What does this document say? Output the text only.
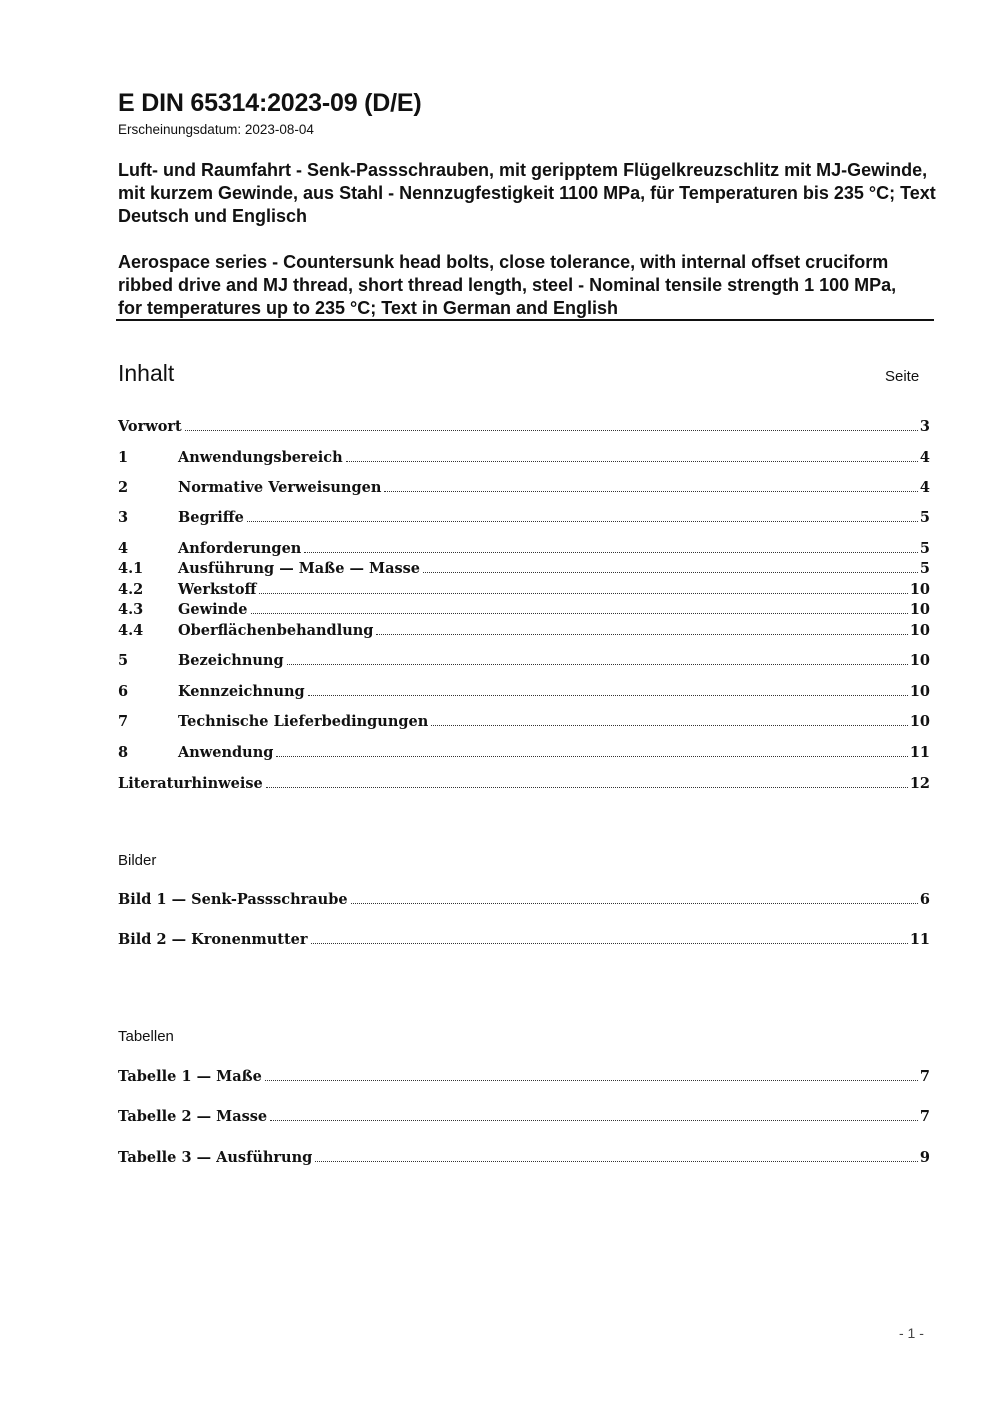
E DIN 65314:2023-09 (D/E)
Erscheinungsdatum: 2023-08-04
Luft- und Raumfahrt - Senk-Passschrauben, mit geripptem Flügelkreuzschlitz mit MJ-Gewinde, mit kurzem Gewinde, aus Stahl - Nennzugfestigkeit 1100 MPa, für Temperaturen bis 235 °C; Text Deutsch und Englisch
Aerospace series - Countersunk head bolts, close tolerance, with internal offset cruciform ribbed drive and MJ thread, short thread length, steel - Nominal tensile strength 1 100 MPa, for temperatures up to 235 °C; Text in German and English
Inhalt	Seite
Vorwort	3
1	Anwendungsbereich	4
2	Normative Verweisungen	4
3	Begriffe	5
4	Anforderungen	5
4.1	Ausführung — Maße — Masse	5
4.2	Werkstoff	10
4.3	Gewinde	10
4.4	Oberflächenbehandlung	10
5	Bezeichnung	10
6	Kennzeichnung	10
7	Technische Lieferbedingungen	10
8	Anwendung	11
Literaturhinweise	12
Bilder
Bild 1 — Senk-Passschraube	6
Bild 2 — Kronenmutter	11
Tabellen
Tabelle 1 — Maße	7
Tabelle 2 — Masse	7
Tabelle 3 — Ausführung	9
- 1 -
